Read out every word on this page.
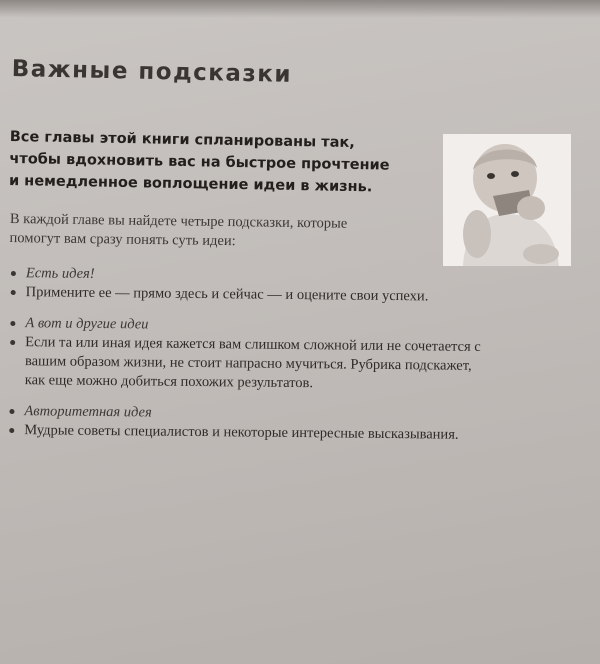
Важные подсказки
Все главы этой книги спланированы так,
чтобы вдохновить вас на быстрое прочтение
и немедленное воплощение идеи в жизнь.
В каждой главе вы найдете четыре подсказки, которые
помогут вам сразу понять суть идеи:
Есть идея!
Примените ее — прямо здесь и сейчас — и оцените свои успехи.
А вот и другие идеи
Если та или иная идея кажется вам слишком сложной или не сочетается с
вашим образом жизни, не стоит напрасно мучиться. Рубрика подскажет,
как еще можно добиться похожих результатов.
Авторитетная идея
Мудрые советы специалистов и некоторые интересные высказывания.
